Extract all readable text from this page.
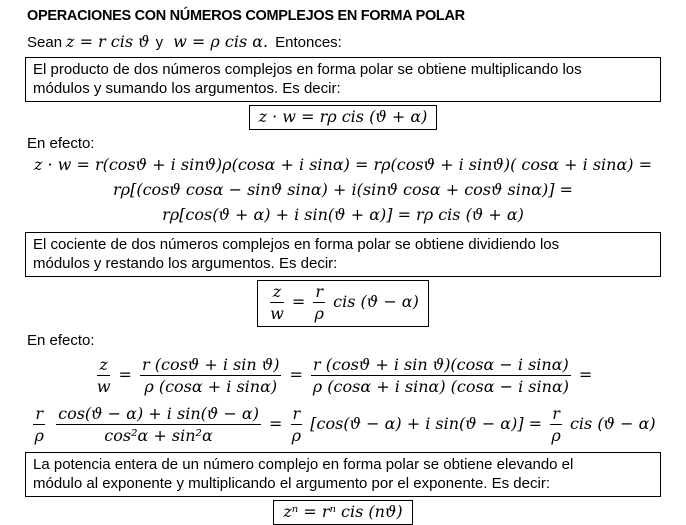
OPERACIONES CON NÚMEROS COMPLEJOS EN FORMA POLAR
Sean z = r cis ϑ y w = ρ cis α. Entonces:
El producto de dos números complejos en forma polar se obtiene multiplicando los
módulos y sumando los argumentos. Es decir:
z · w = rρ cis (ϑ + α)
En efecto:
z · w = r(cosϑ + i sinϑ)ρ(cosα + i sinα) = rρ(cosϑ + i sinϑ)( cosα + i sinα) =
rρ[(cosϑ cosα − sinϑ sinα) + i(sinϑ cosα + cosϑ sinα)] =
rρ[cos(ϑ + α) + i sin(ϑ + α)] = rρ cis (ϑ + α)
El cociente de dos números complejos en forma polar se obtiene dividiendo los
módulos y restando los argumentos. Es decir:
$\frac{z}{w} = \frac{r}{\rho}$ cis (ϑ − α)
En efecto:
$\frac{z}{w} = \frac{\text{r (cosϑ + i sin ϑ)}}{\text{ρ (cosα + i sinα)}} = \frac{\text{r (cosϑ + i sin ϑ)(cosα − i sinα)}}{\text{ρ (cosα + i sinα) (cosα − i sinα)}}$ =
$\frac{r}{\rho}$
$\frac{\text{cos(ϑ − α) + i sin(ϑ − α)}}{\text{cos²α + sin²α}} = \frac{r}{\rho} [\cos(ϑ - \alpha) + i$ $\sin(ϑ - \alpha)] = \frac{r}{\rho}$ cis (ϑ − α)
La potencia entera de un número complejo en forma polar se obtiene elevando el
módulo al exponente y multiplicando el argumento por el exponente. Es decir:
zⁿ = rⁿ cis (nϑ)
